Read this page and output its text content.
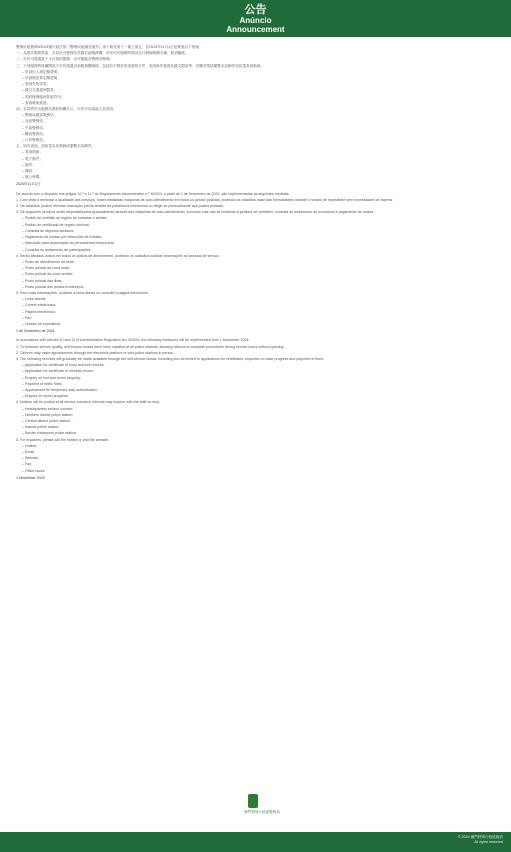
公告
Anúncio
Announcement
警務局根據第8/2024號行政法規《警務局組織及運作》第十條及第十一條之規定，於2024年11月1日起實施以下措施：
一、為提升服務質素，本局於各警務站設置自助服務機，市民可於服務時間內自行辦理相關手續，無須輪候。
二、市民可透過電子平台預約服務，亦可親臨各警務站辦理。
三、下列服務將陸續開放予市民透過自助服務機辦理，包括但不限於申請證明文件、查詢案件進度及繳交罰款等；有關詳情請瀏覽本局網頁或致電查詢熱線。
– 申請出入境記錄證明；
– 申請無犯罪記錄證明；
– 查詢失物認領；
– 繳交交通違例罰款；
– 預約辦理臨時居留許可；
– 查詢報案進度。
四、本局將於各服務站張貼相關告示，市民可向當值人員查詢。
– 警務局總部服務站；
– 北區警務站；
– 中區警務站；
– 離島警務站；
– 口岸警務站；
五、如有查詢，請致電本局熱線或瀏覽本局網頁。
– 查詢熱線；
– 電子郵件；
– 網頁；
– 傳真；
– 辦公時間。
2024年11月1日
De acordo com o disposto nos artigos 10.º e 11.º do Regulamento Administrativo n.º 8/2024, a partir de 1 de Novembro de 2024, são implementadas as seguintes medidas:
1. Com vista a melhorar a qualidade dos serviços, foram instaladas máquinas de auto-atendimento em todos os postos policiais, podendo os cidadãos tratar das formalidades durante o horário de expediente sem necessidade de esperar.
2. Os cidadãos podem efectuar marcação prévia através da plataforma electrónica ou dirigir-se pessoalmente aos postos policiais.
3. Os seguintes serviços serão disponibilizados gradualmente através das máquinas de auto-atendimento, incluindo mas não se limitando a pedidos de certidões, consulta do andamento de processos e pagamento de multas:
– Pedido de certidão de registo de entradas e saídas;
– Pedido de certificado de registo criminal;
– Consulta de objectos achados;
– Pagamento de multas por infracções de trânsito;
– Marcação para autorização de permanência temporária;
– Consulta do andamento de participações.
4. Serão afixados avisos em todos os postos de atendimento, podendo os cidadãos solicitar informações ao pessoal de serviço.
– Posto de atendimento da sede;
– Posto policial da zona norte;
– Posto policial da zona central;
– Posto policial das ilhas;
– Posto policial dos postos fronteiriços;
5. Para mais informações, contacte a linha aberta ou consulte a página electrónica.
– Linha aberta;
– Correio electrónico;
– Página electrónica;
– Fax;
– Horário de expediente.
1 de Novembro de 2024
In accordance with Articles 10 and 11 of Administrative Regulation No. 8/2024, the following measures will be implemented from 1 November 2024:
1. To enhance service quality, self-service kiosks have been installed at all police stations, allowing citizens to complete procedures during service hours without queuing.
2. Citizens may make appointments through the electronic platform or visit police stations in person.
3. The following services will gradually be made available through the self-service kiosks, including but not limited to applications for certificates, enquiries on case progress and payment of fines:
– Application for certificate of entry and exit records;
– Application for certificate of criminal record;
– Enquiry on lost and found property;
– Payment of traffic fines;
– Appointment for temporary stay authorisation;
– Enquiry on report progress.
4. Notices will be posted at all service counters; citizens may enquire with the staff on duty.
– Headquarters service counter;
– Northern district police station;
– Central district police station;
– Islands police station;
– Border checkpoint police station;
5. For enquiries, please call the hotline or visit the website.
– Hotline;
– Email;
– Website;
– Fax;
– Office hours.
1 November 2024
澳門特別行政區警務局
© 2024 澳門特別行政區政府
All rights reserved
